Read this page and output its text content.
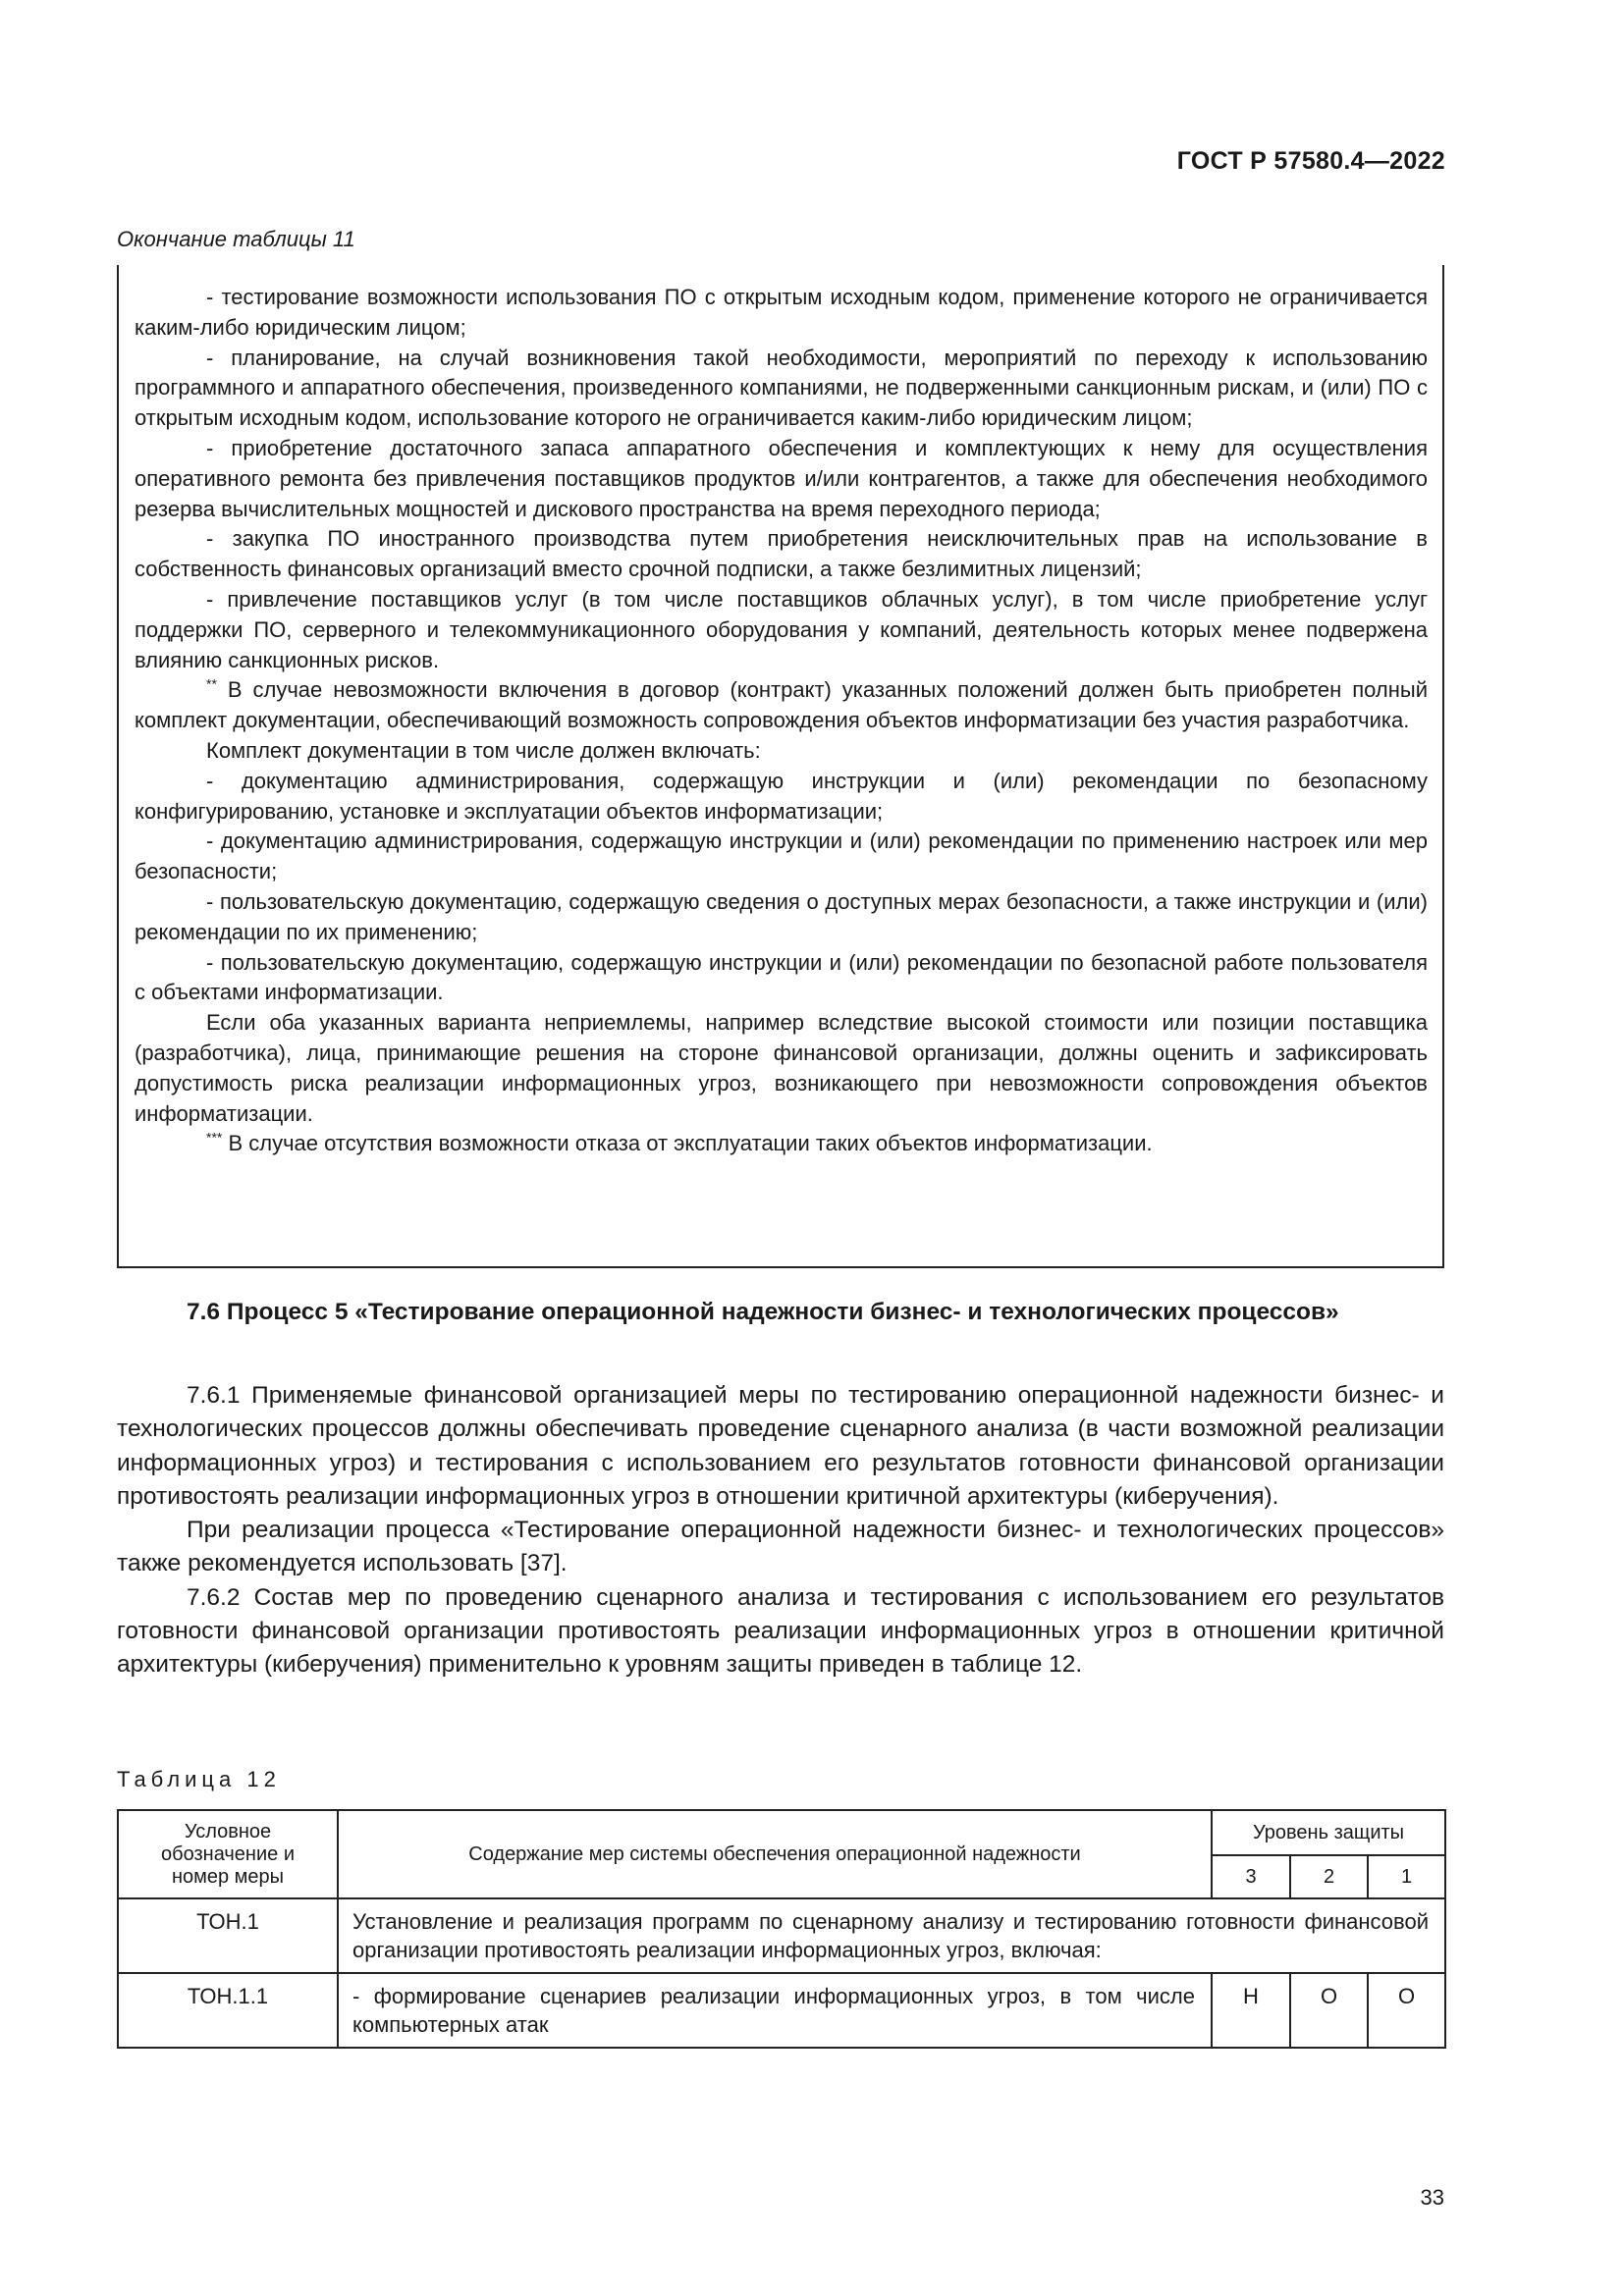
ГОСТ Р 57580.4—2022
Окончание таблицы 11

- тестирование возможности использования ПО с открытым исходным кодом, применение которого не ограничивается каким-либо юридическим лицом;

- планирование, на случай возникновения такой необходимости, мероприятий по переходу к использованию программного и аппаратного обеспечения, произведенного компаниями, не подверженными санкционным рискам, и (или) ПО с открытым исходным кодом, использование которого не ограничивается каким-либо юридическим лицом;

- приобретение достаточного запаса аппаратного обеспечения и комплектующих к нему для осуществления оперативного ремонта без привлечения поставщиков продуктов и/или контрагентов, а также для обеспечения необходимого резерва вычислительных мощностей и дискового пространства на время переходного периода;

- закупка ПО иностранного производства путем приобретения неисключительных прав на использование в собственность финансовых организаций вместо срочной подписки, а также безлимитных лицензий;

- привлечение поставщиков услуг (в том числе поставщиков облачных услуг), в том числе приобретение услуг поддержки ПО, серверного и телекоммуникационного оборудования у компаний, деятельность которых менее подвержена влиянию санкционных рисков.

** В случае невозможности включения в договор (контракт) указанных положений должен быть приобретен полный комплект документации, обеспечивающий возможность сопровождения объектов информатизации без участия разработчика.

Комплект документации в том числе должен включать:

- документацию администрирования, содержащую инструкции и (или) рекомендации по безопасному конфигурированию, установке и эксплуатации объектов информатизации;

- документацию администрирования, содержащую инструкции и (или) рекомендации по применению настроек или мер безопасности;

- пользовательскую документацию, содержащую сведения о доступных мерах безопасности, а также инструкции и (или) рекомендации по их применению;

- пользовательскую документацию, содержащую инструкции и (или) рекомендации по безопасной работе пользователя с объектами информатизации.

Если оба указанных варианта неприемлемы, например вследствие высокой стоимости или позиции поставщика (разработчика), лица, принимающие решения на стороне финансовой организации, должны оценить и зафиксировать допустимость риска реализации информационных угроз, возникающего при невозможности сопровождения объектов информатизации.

*** В случае отсутствия возможности отказа от эксплуатации таких объектов информатизации.

7.6 Процесс 5 «Тестирование операционной надежности бизнес- и технологических процессов»

7.6.1 Применяемые финансовой организацией меры по тестированию операционной надежности бизнес- и технологических процессов должны обеспечивать проведение сценарного анализа (в части возможной реализации информационных угроз) и тестирования с использованием его результатов готовности финансовой организации противостоять реализации информационных угроз в отношении критичной архитектуры (киберучения).

При реализации процесса «Тестирование операционной надежности бизнес- и технологических процессов» также рекомендуется использовать [37].

7.6.2 Состав мер по проведению сценарного анализа и тестирования с использованием его результатов готовности финансовой организации противостоять реализации информационных угроз в отношении критичной архитектуры (киберучения) применительно к уровням защиты приведен в таблице 12.

Таблица 12
Условное обозначение и номер меры	Содержание мер системы обеспечения операционной надежности	Уровень защиты		
		3	2	1
ТОН.1	Установление и реализация программ по сценарному анализу и тестированию готовности финансовой организации противостоять реализации информационных угроз, включая:			
ТОН.1.1	- формирование сценариев реализации информационных угроз, в том числе компьютерных атак	Н	О	О
33
